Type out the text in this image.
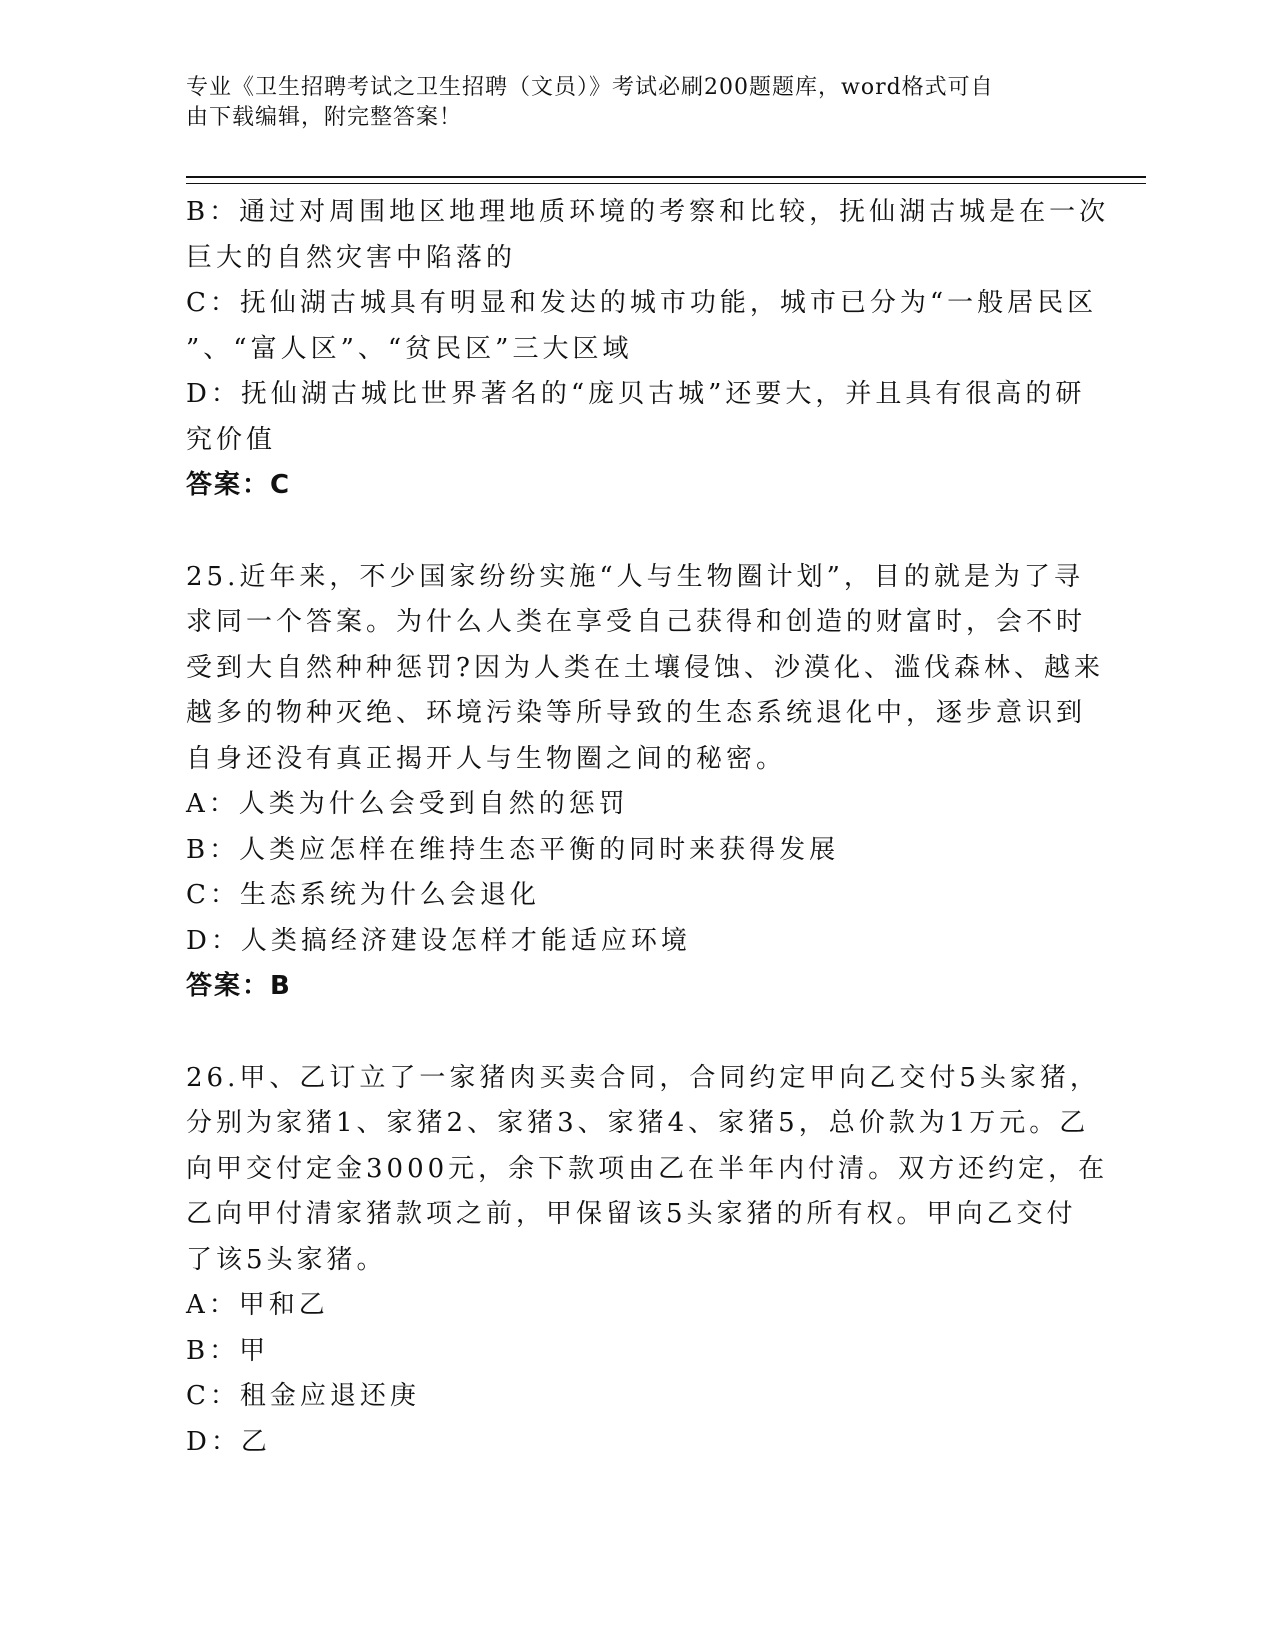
专业《卫生招聘考试之卫生招聘（文员）》考试必刷200题题库，word格式可自
由下载编辑，附完整答案！
B：通过对周围地区地理地质环境的考察和比较，抚仙湖古城是在一次
巨大的自然灾害中陷落的
C：抚仙湖古城具有明显和发达的城市功能，城市已分为“一般居民区
”、“富人区”、“贫民区”三大区域
D：抚仙湖古城比世界著名的“庞贝古城”还要大，并且具有很高的研
究价值
答案：C
25.近年来，不少国家纷纷实施“人与生物圈计划”，目的就是为了寻
求同一个答案。为什么人类在享受自己获得和创造的财富时，会不时
受到大自然种种惩罚?因为人类在土壤侵蚀、沙漠化、滥伐森林、越来
越多的物种灭绝、环境污染等所导致的生态系统退化中，逐步意识到
自身还没有真正揭开人与生物圈之间的秘密。
A：人类为什么会受到自然的惩罚
B：人类应怎样在维持生态平衡的同时来获得发展
C：生态系统为什么会退化
D：人类搞经济建设怎样才能适应环境
答案：B
26.甲、乙订立了一家猪肉买卖合同，合同约定甲向乙交付5头家猪，
分别为家猪1、家猪2、家猪3、家猪4、家猪5，总价款为1万元。乙
向甲交付定金3000元，余下款项由乙在半年内付清。双方还约定，在
乙向甲付清家猪款项之前，甲保留该5头家猪的所有权。甲向乙交付
了该5头家猪。
A：甲和乙
B：甲
C：租金应退还庚
D：乙
